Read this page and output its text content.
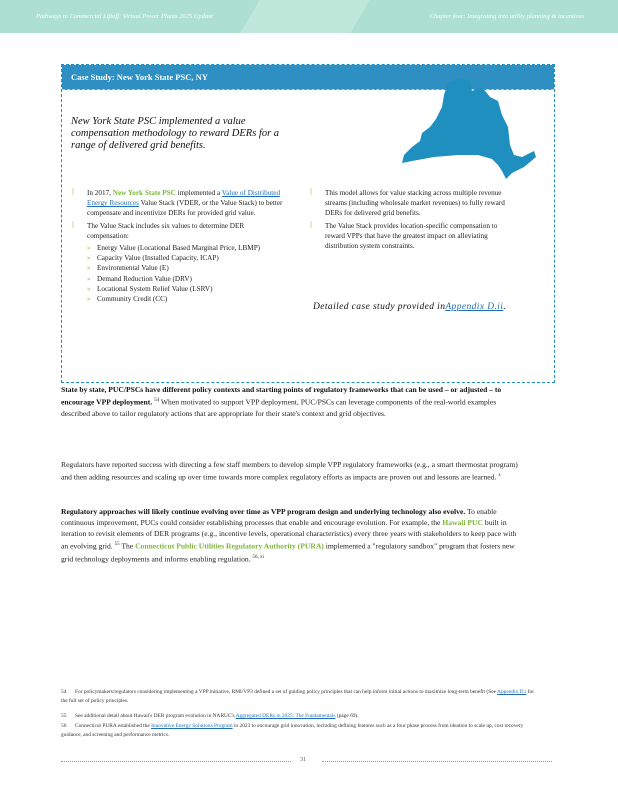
Pathways to Commercial Liftoff: Virtual Power Plants 2025 Update	Chapter four: Integrating into utility planning & incentives
Case Study: New York State PSC, NY
New York State PSC implemented a value compensation methodology to reward DERs for a range of delivered grid benefits.
ǀ In 2017, New York State PSC implemented a Value of Distributed Energy Resources Value Stack (VDER, or the Value Stack) to better compensate and incentivize DERs for provided grid value.
ǀ The Value Stack includes six values to determine DER compensation:
» Energy Value (Locational Based Marginal Price, LBMP)
» Capacity Value (Installed Capacity, ICAP)
» Environmental Value (E)
» Demand Reduction Value (DRV)
» Locational System Relief Value (LSRV)
» Community Credit (CC)
ǀ This model allows for value stacking across multiple revenue streams (including wholesale market revenues) to fully reward DERs for delivered grid benefits.
ǀ The Value Stack provides location-specific compensation to reward VPPs that have the greatest impact on alleviating distribution system constraints.
Detailed case study provided inAppendix D.ii.
State by state, PUC/PSCs have different policy contexts and starting points of regulatory frameworks that can be used – or adjusted – to encourage VPP deployment. $^{54}$ When motivated to support VPP deployment, PUC/PSCs can leverage components of the real-world examples described above to tailor regulatory actions that are appropriate for their state's context and grid objectives.
Regulators have reported success with directing a few staff members to develop simple VPP regulatory frameworks (e.g., a smart thermostat program) and then adding resources and scaling up over time towards more complex regulatory efforts as impacts are proven out and lessons are learned. $^x$
Regulatory approaches will likely continue evolving over time as VPP program design and underlying technology also evolve. To enable continuous improvement, PUCs could consider establishing processes that enable and encourage evolution. For example, the Hawaii PUC built in iteration to revisit elements of DER programs (e.g., incentive levels, operational characteristics) every three years with stakeholders to keep pace with an evolving grid. $^{55}$ The Connecticut Public Utilities Regulatory Authority (PURA) implemented a "regulatory sandbox" program that fosters new grid technology deployments and informs enabling regulation. $^{56, xi}$
54 For policymakers/regulators considering implementing a VPP initiative, RMI/VP3 defined a set of guiding policy principles that can help inform initial actions to maximize long-term benefit (See Appendix D.i for the full set of policy principles.
55 See additional detail about Hawaii's DER program evolution in NARUC's Aggregated DERs in 2025: The Fundamentals (page 69).
56 Connecticut PURA established the Innovative Energy Solutions Program in 2023 to encourage grid innovation, including defining features such as a four phase process from ideation to scale up, cost recovery guidance, and screening and performance metrics.
31
